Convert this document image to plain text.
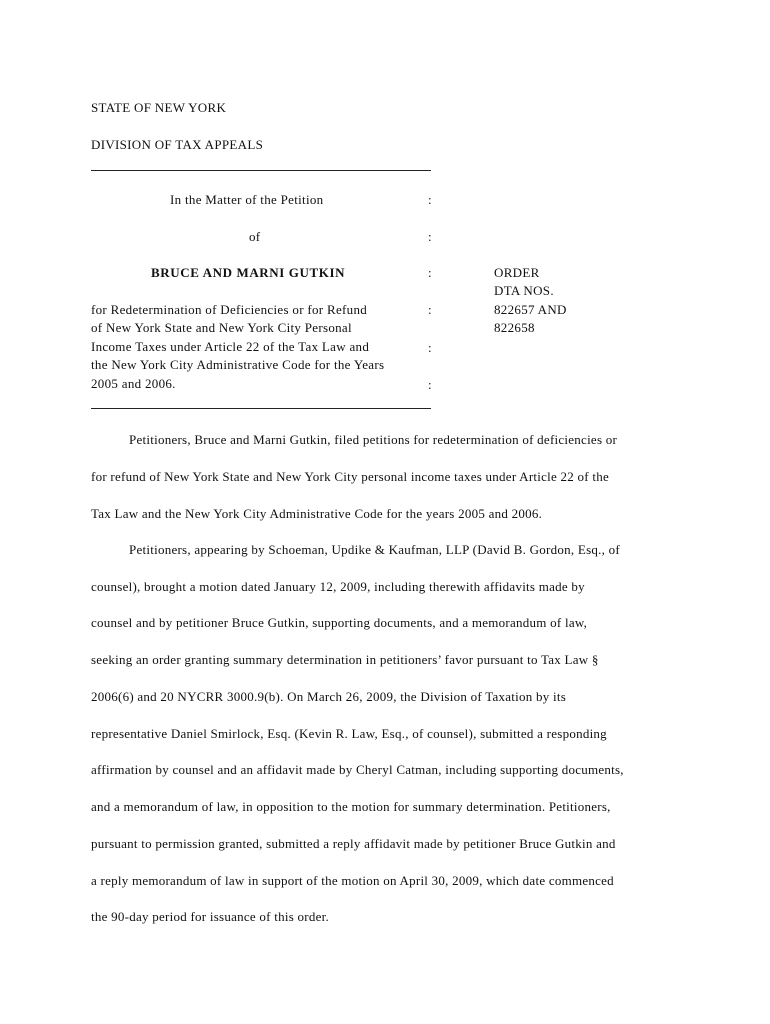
STATE OF NEW YORK
DIVISION OF TAX APPEALS
In the Matter of the Petition	:
of	:
BRUCE AND MARNI GUTKIN	:
for Redetermination of Deficiencies or for Refund	:
of New York State and New York City Personal
Income Taxes under Article 22 of the Tax Law and	:
the New York City Administrative Code for the Years
2005 and 2006.	:
ORDER
DTA NOS.
822657 AND
822658
Petitioners, Bruce and Marni Gutkin, filed petitions for redetermination of deficiencies or
for refund of New York State and New York City personal income taxes under Article 22 of the
Tax Law and the New York City Administrative Code for the years 2005 and 2006.
Petitioners, appearing by Schoeman, Updike & Kaufman, LLP (David B. Gordon, Esq., of
counsel), brought a motion dated January 12, 2009, including therewith affidavits made by
counsel and by petitioner Bruce Gutkin, supporting documents, and a memorandum of law,
seeking an order granting summary determination in petitioners’ favor pursuant to Tax Law §
2006(6) and 20 NYCRR 3000.9(b). On March 26, 2009, the Division of Taxation by its
representative Daniel Smirlock, Esq. (Kevin R. Law, Esq., of counsel), submitted a responding
affirmation by counsel and an affidavit made by Cheryl Catman, including supporting documents,
and a memorandum of law, in opposition to the motion for summary determination. Petitioners,
pursuant to permission granted, submitted a reply affidavit made by petitioner Bruce Gutkin and
a reply memorandum of law in support of the motion on April 30, 2009, which date commenced
the 90-day period for issuance of this order.
